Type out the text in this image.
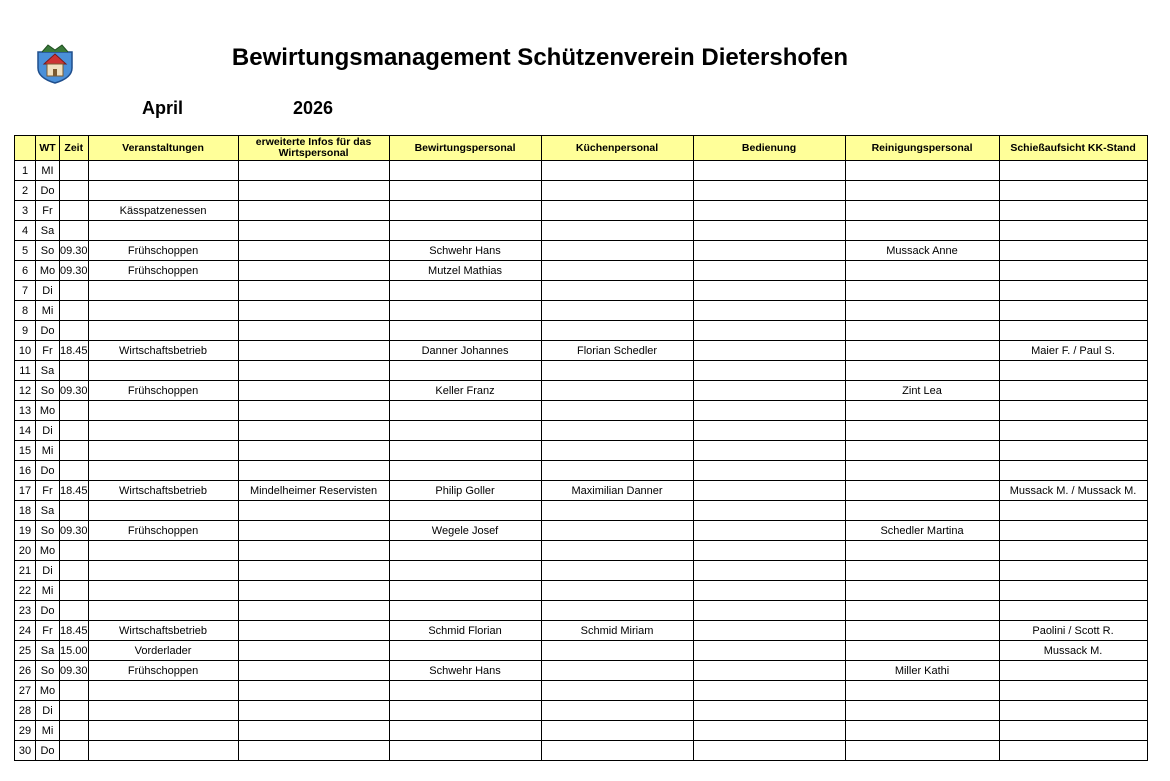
Bewirtungsmanagement Schützenverein Dietershofen
April	2026
	WT	Zeit	Veranstaltungen	erweiterte Infos für das Wirtspersonal	Bewirtungspersonal	Küchenpersonal	Bedienung	Reinigungspersonal	Schießaufsicht KK-Stand
1	MI								
2	Do								
3	Fr		Kässpatzenessen						
4	Sa								
5	So	09.30	Frühschoppen		Schwehr Hans			Mussack Anne	
6	Mo	09.30	Frühschoppen		Mutzel Mathias				
7	Di								
8	Mi								
9	Do								
10	Fr	18.45	Wirtschaftsbetrieb		Danner Johannes	Florian Schedler			Maier F. / Paul S.
11	Sa								
12	So	09.30	Frühschoppen		Keller Franz			Zint Lea	
13	Mo								
14	Di								
15	Mi								
16	Do								
17	Fr	18.45	Wirtschaftsbetrieb	Mindelheimer Reservisten	Philip Goller	Maximilian Danner			Mussack M. / Mussack M.
18	Sa								
19	So	09.30	Frühschoppen		Wegele Josef			Schedler Martina	
20	Mo								
21	Di								
22	Mi								
23	Do								
24	Fr	18.45	Wirtschaftsbetrieb		Schmid Florian	Schmid Miriam			Paolini / Scott R.
25	Sa	15.00	Vorderlader						Mussack M.
26	So	09.30	Frühschoppen		Schwehr Hans			Miller Kathi	
27	Mo								
28	Di								
29	Mi								
30	Do								
